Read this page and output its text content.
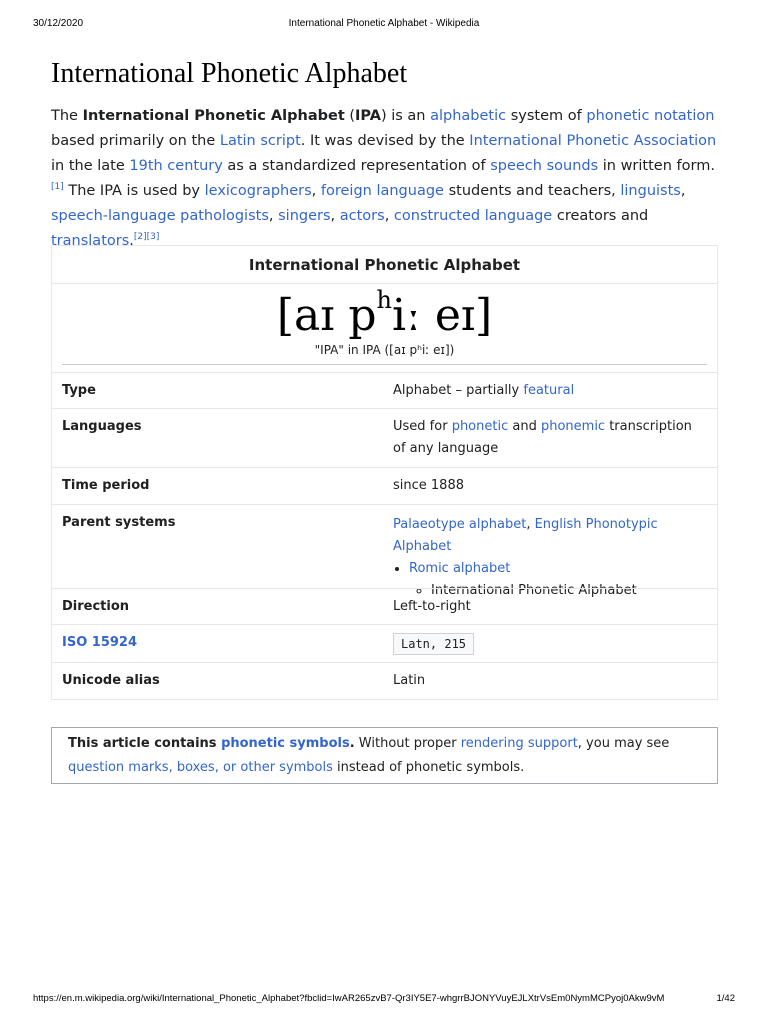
30/12/2020	International Phonetic Alphabet - Wikipedia
International Phonetic Alphabet

The International Phonetic Alphabet (IPA) is an alphabetic system of phonetic notation based primarily on the Latin script. It was devised by the International Phonetic Association in the late 19th century as a standardized representation of speech sounds in written form.[1] The IPA is used by lexicographers, foreign language students and teachers, linguists, speech-language pathologists, singers, actors, constructed language creators and translators.[2][3]

International Phonetic Alphabet
[aɪ $p^hiː$ eɪ]
"IPA" in IPA ([aɪ pʰiː eɪ])
Type	Alphabet – partially featural
Languages	Used for phonetic and phonemic transcription of any language
Time period	since 1888
Parent systems	Palaeotype alphabet, English Phonotypic Alphabet
• Romic alphabet
◦ International Phonetic Alphabet
Direction	Left-to-right
ISO 15924	Latn, 215
Unicode alias	Latin
This article contains phonetic symbols. Without proper rendering support, you may see question marks, boxes, or other symbols instead of phonetic symbols.
https://en.m.wikipedia.org/wiki/International_Phonetic_Alphabet?fbclid=IwAR265zvB7-Qr3IY5E7-whgrrBJONYVuyEJLXtrVsEm0NymMCPyoj0Akw9vM	1/42
